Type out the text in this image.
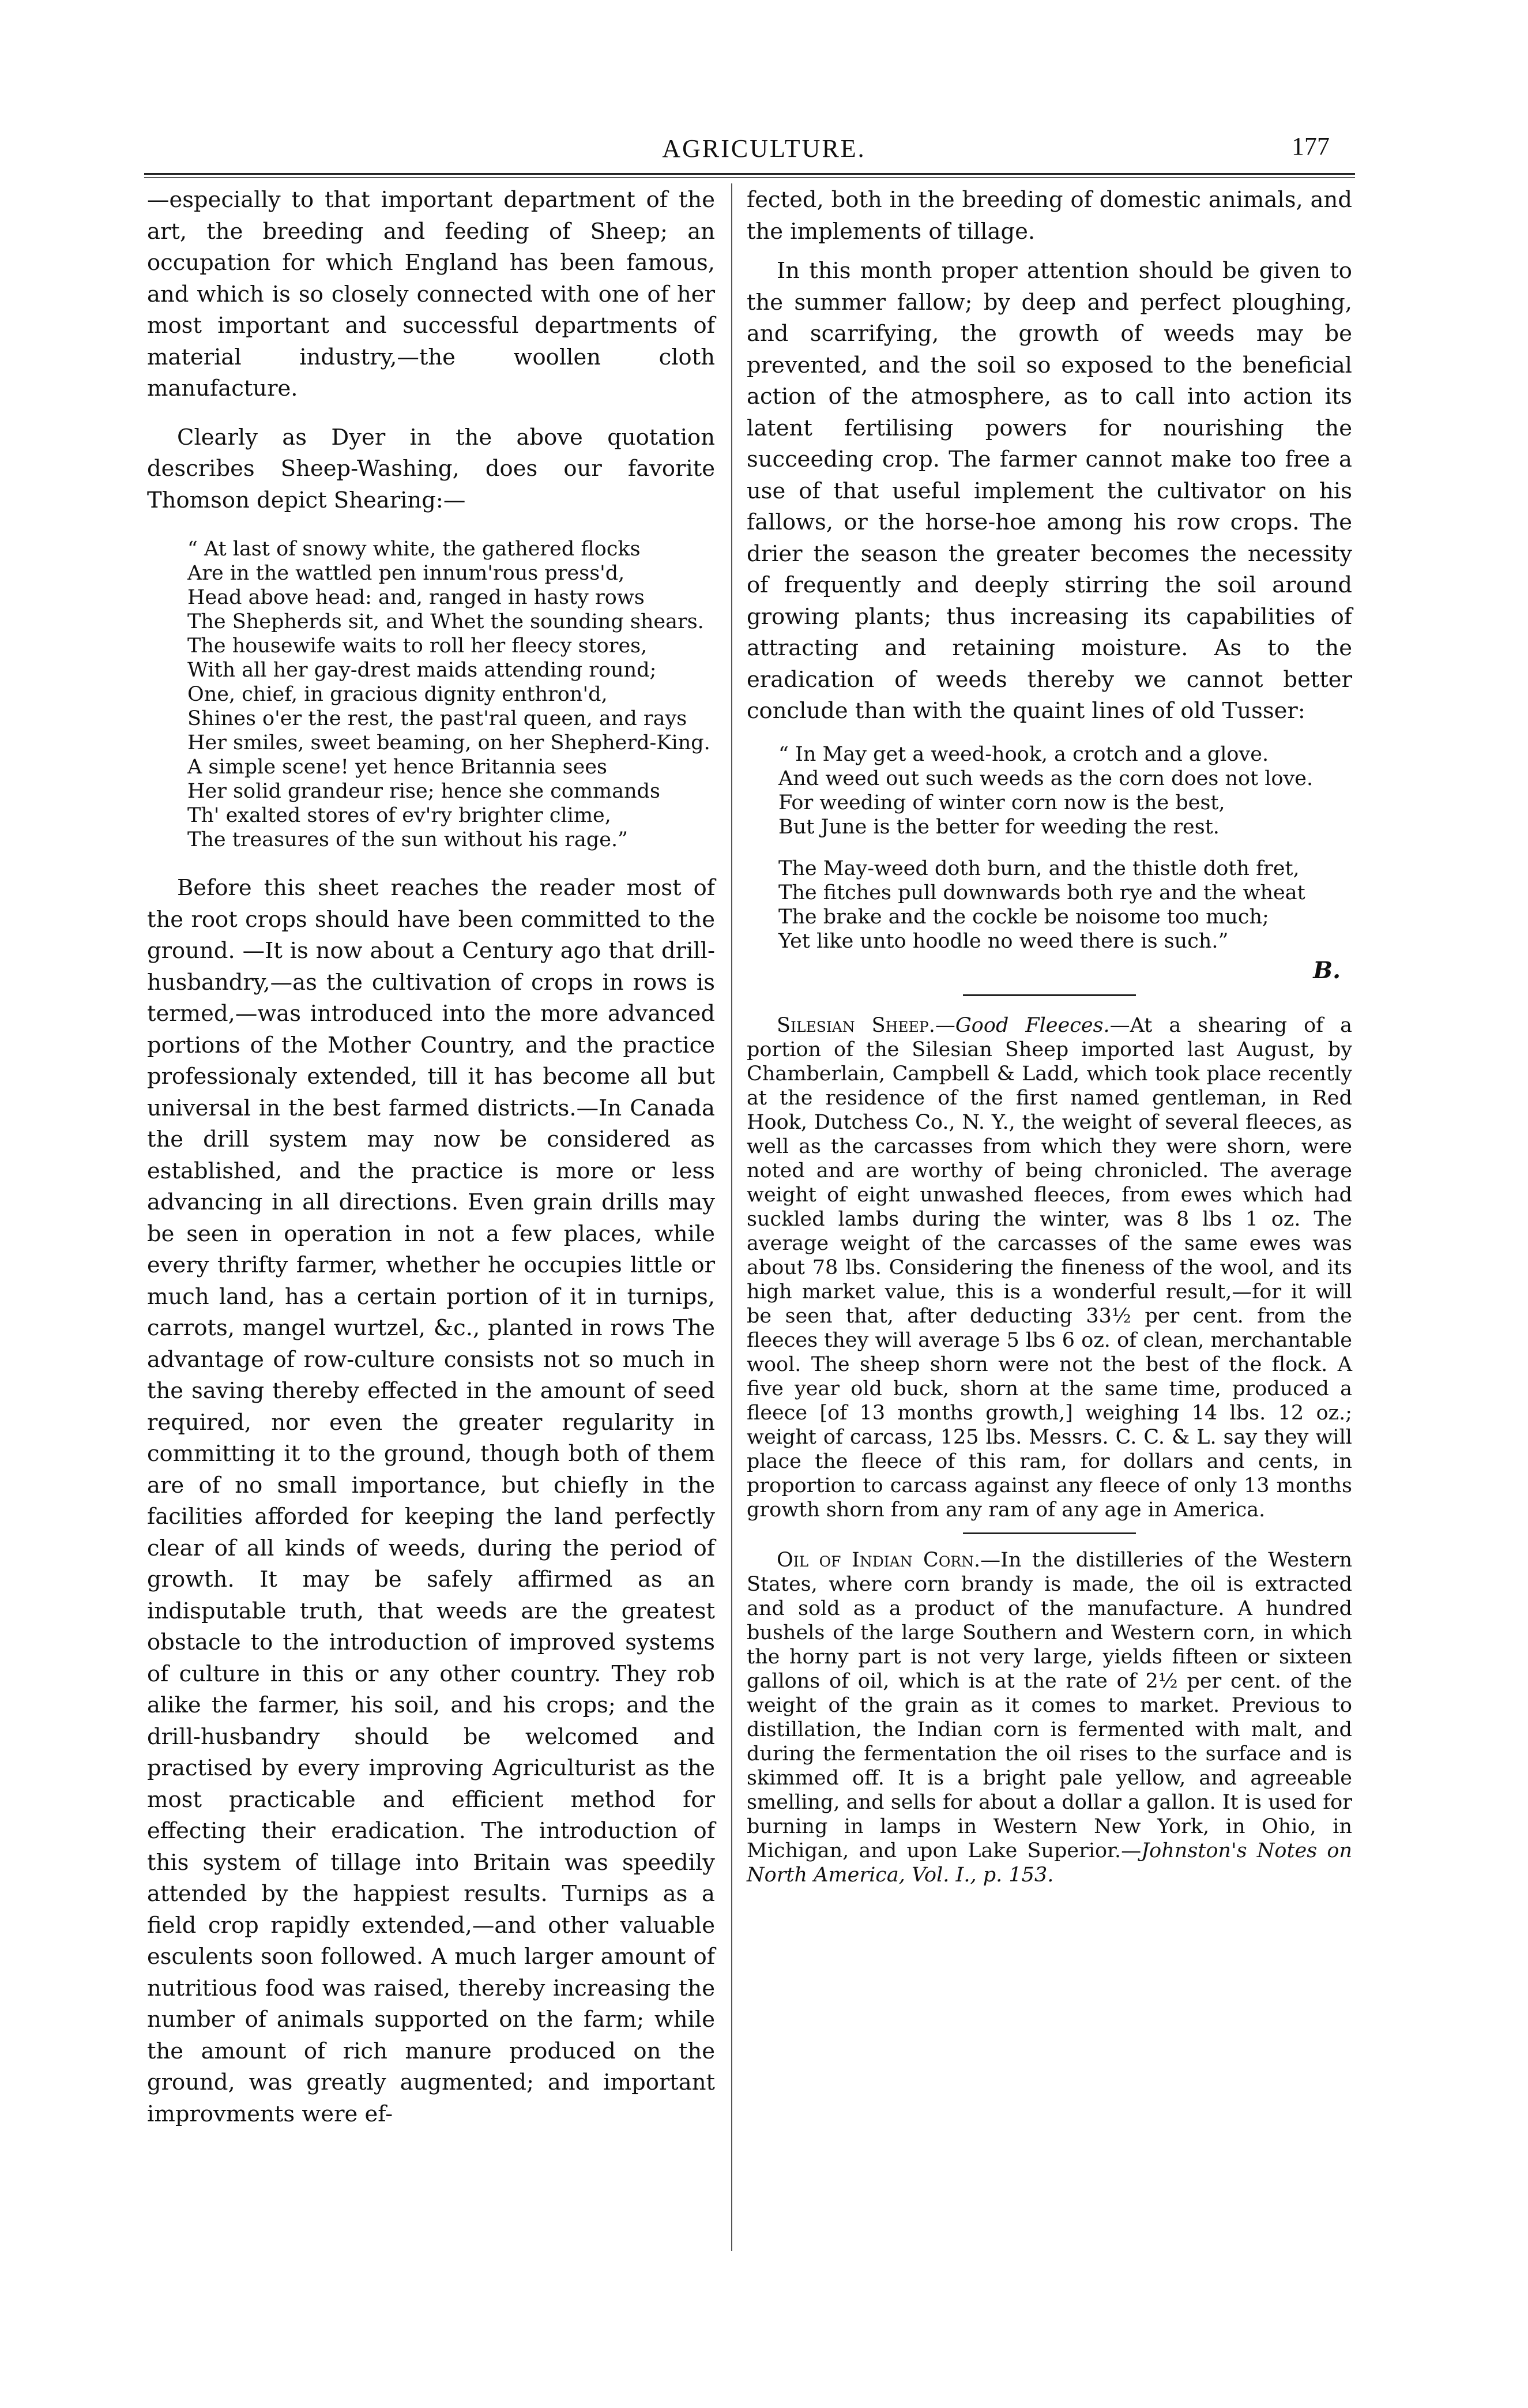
AGRICULTURE.	177

—especially to that important department of the art, the breeding and feeding of Sheep; an occupation for which England has been famous, and which is so closely connected with one of her most important and successful departments of material industry,—the woollen cloth manufacture.

Clearly as Dyer in the above quotation describes Sheep-Washing, does our favorite Thomson depict Shearing:—

“ At last of snowy white, the gathered flocks
Are in the wattled pen innum'rous press'd,
Head above head: and, ranged in hasty rows
The Shepherds sit, and Whet the sounding shears.
The housewife waits to roll her fleecy stores,
With all her gay-drest maids attending round;
One, chief, in gracious dignity enthron'd,
Shines o'er the rest, the past'ral queen, and rays
Her smiles, sweet beaming, on her Shepherd-King.
A simple scene! yet hence Britannia sees
Her solid grandeur rise; hence she commands
Th' exalted stores of ev'ry brighter clime,
The treasures of the sun without his rage.”

Before this sheet reaches the reader most of the root crops should have been committed to the ground. —It is now about a Century ago that drill-husbandry,—as the cultivation of crops in rows is termed,—was introduced into the more advanced portions of the Mother Country, and the practice professionaly extended, till it has become all but universal in the best farmed districts.—In Canada the drill system may now be considered as established, and the practice is more or less advancing in all directions. Even grain drills may be seen in operation in not a few places, while every thrifty farmer, whether he occupies little or much land, has a certain portion of it in turnips, carrots, mangel wurtzel, &c., planted in rows The advantage of row-culture consists not so much in the saving thereby effected in the amount of seed required, nor even the greater regularity in committing it to the ground, though both of them are of no small importance, but chiefly in the facilities afforded for keeping the land perfectly clear of all kinds of weeds, during the period of growth. It may be safely affirmed as an indisputable truth, that weeds are the greatest obstacle to the introduction of improved systems of culture in this or any other country. They rob alike the farmer, his soil, and his crops; and the drill-husbandry should be welcomed and practised by every improving Agriculturist as the most practicable and efficient method for effecting their eradication. The introduction of this system of tillage into Britain was speedily attended by the happiest results. Turnips as a field crop rapidly extended,—and other valuable esculents soon followed. A much larger amount of nutritious food was raised, thereby increasing the number of animals supported on the farm; while the amount of rich manure produced on the ground, was greatly augmented; and important improvments were ef-

fected, both in the breeding of domestic animals, and the implements of tillage.

In this month proper attention should be given to the summer fallow; by deep and perfect ploughing, and scarrifying, the growth of weeds may be prevented, and the soil so exposed to the beneficial action of the atmosphere, as to call into action its latent fertilising powers for nourishing the succeeding crop. The farmer cannot make too free a use of that useful implement the cultivator on his fallows, or the horse-hoe among his row crops. The drier the season the greater becomes the necessity of frequently and deeply stirring the soil around growing plants; thus increasing its capabilities of attracting and retaining moisture. As to the eradication of weeds thereby we cannot better conclude than with the quaint lines of old Tusser:

“ In May get a weed-hook, a crotch and a glove.
And weed out such weeds as the corn does not love.
For weeding of winter corn now is the best,
But June is the better for weeding the rest.
The May-weed doth burn, and the thistle doth fret,
The fitches pull downwards both rye and the wheat
The brake and the cockle be noisome too much;
Yet like unto hoodle no weed there is such.”
B.

Silesian Sheep.—Good Fleeces.—At a shearing of a portion of the Silesian Sheep imported last August, by Chamberlain, Campbell & Ladd, which took place recently at the residence of the first named gentleman, in Red Hook, Dutchess Co., N. Y., the weight of several fleeces, as well as the carcasses from which they were shorn, were noted and are worthy of being chronicled. The average weight of eight unwashed fleeces, from ewes which had suckled lambs during the winter, was 8 lbs 1 oz. The average weight of the carcasses of the same ewes was about 78 lbs. Considering the fineness of the wool, and its high market value, this is a wonderful result,—for it will be seen that, after deducting 33½ per cent. from the fleeces they will average 5 lbs 6 oz. of clean, merchantable wool. The sheep shorn were not the best of the flock. A five year old buck, shorn at the same time, produced a fleece [of 13 months growth,] weighing 14 lbs. 12 oz.; weight of carcass, 125 lbs. Messrs. C. C. & L. say they will place the fleece of this ram, for dollars and cents, in proportion to carcass against any fleece of only 13 months growth shorn from any ram of any age in America.

Oil of Indian Corn.—In the distilleries of the Western States, where corn brandy is made, the oil is extracted and sold as a product of the manufacture. A hundred bushels of the large Southern and Western corn, in which the horny part is not very large, yields fifteen or sixteen gallons of oil, which is at the rate of 2½ per cent. of the weight of the grain as it comes to market. Previous to distillation, the Indian corn is fermented with malt, and during the fermentation the oil rises to the surface and is skimmed off. It is a bright pale yellow, and agreeable smelling, and sells for about a dollar a gallon. It is used for burning in lamps in Western New York, in Ohio, in Michigan, and upon Lake Superior.—Johnston's Notes on North America, Vol. I., p. 153.
